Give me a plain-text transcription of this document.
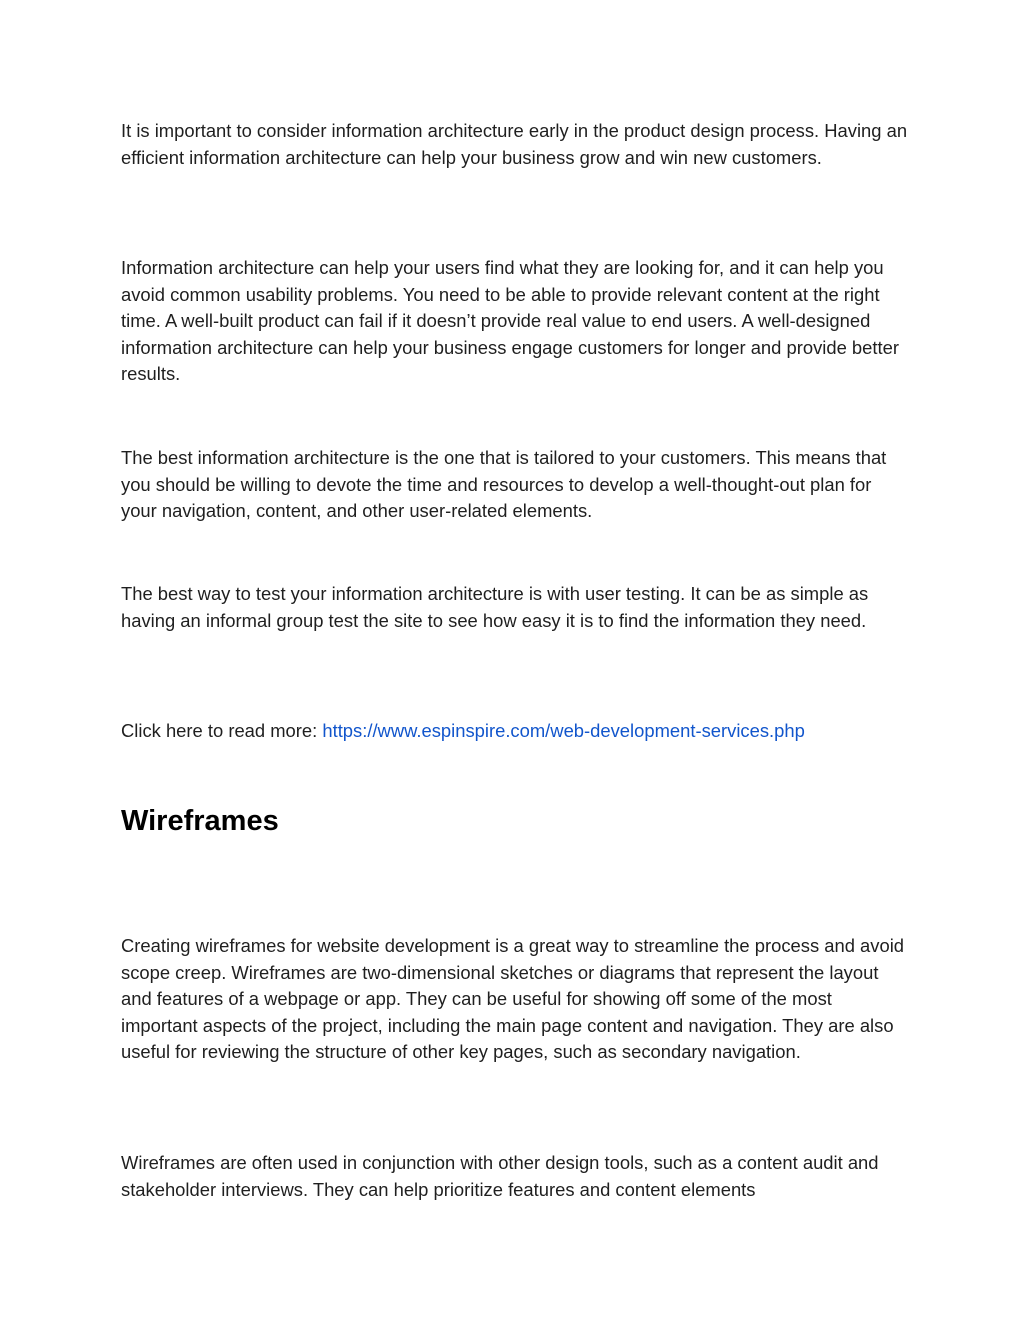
It is important to consider information architecture early in the product design process. Having an efficient information architecture can help your business grow and win new customers.

Information architecture can help your users find what they are looking for, and it can help you avoid common usability problems. You need to be able to provide relevant content at the right time. A well-built product can fail if it doesn’t provide real value to end users. A well-designed information architecture can help your business engage customers for longer and provide better results.

The best information architecture is the one that is tailored to your customers. This means that you should be willing to devote the time and resources to develop a well-thought-out plan for your navigation, content, and other user-related elements.

The best way to test your information architecture is with user testing. It can be as simple as having an informal group test the site to see how easy it is to find the information they need.

Click here to read more: https://www.espinspire.com/web-development-services.php

Wireframes

Creating wireframes for website development is a great way to streamline the process and avoid scope creep. Wireframes are two-dimensional sketches or diagrams that represent the layout and features of a webpage or app. They can be useful for showing off some of the most important aspects of the project, including the main page content and navigation. They are also useful for reviewing the structure of other key pages, such as secondary navigation.

Wireframes are often used in conjunction with other design tools, such as a content audit and stakeholder interviews. They can help prioritize features and content elements
